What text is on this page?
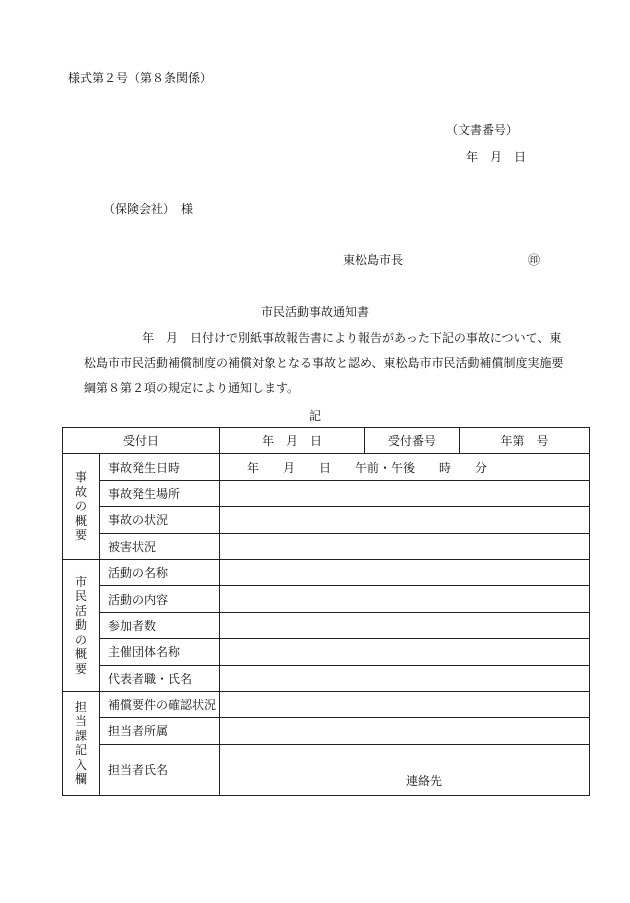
様式第２号（第８条関係）
（文書番号）
年　月　日
（保険会社）　様
東松島市長	㊞
市民活動事故通知書
年　月　日付けで別紙事故報告書により報告があった下記の事故について、東
松島市市民活動補償制度の補償対象となる事故と認め、東松島市市民活動補償制度実施要
綱第８第２項の規定により通知します。
記
受付日		年　月　日	受付番号	年第　号
事故の概要	事故発生日時	年　　月　　日　　午前・午後　　時　　分		
	事故発生場所			
	事故の状況			
	被害状況			
市民活動の概要	活動の名称			
	活動の内容			
	参加者数			
	主催団体名称			
	代表者職・氏名			
担当課記入欄	補償要件の確認状況			
	担当者所属			
	担当者氏名	連絡先		
